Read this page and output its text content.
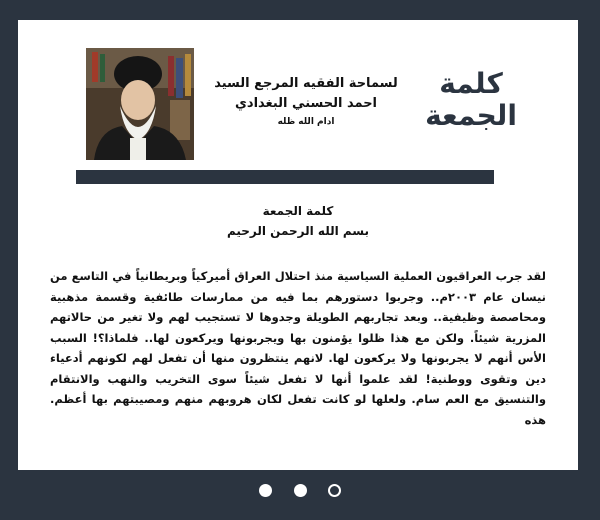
لسماحة الفقيه المرجع السيد
احمد الحسني البغدادي
ادام الله ظله
كلمة الجمعة
كلمة الجمعة
بسم الله الرحمن الرحيم
لقد جرب العراقيون العملية السياسية منذ احتلال العراق أميركياً وبريطانياً في التاسع من نيسان عام ٢٠٠٣م.. وجربوا دستورهم بما فيه من ممارسات طائفية وقسمة مذهبية ومحاصصة وظيفية.. وبعد تجاربهم الطويلة وجدوها لا تستجيب لهم ولا تغير من حالاتهم المزرية شيئاً. ولكن مع هذا ظلوا يؤمنون بها ويجربونها ويركعون لها.. فلماذا؟! السبب الأس أنهم لا يجربونها ولا يركعون لها. لانهم ينتظرون منها أن تفعل لهم لكونهم أدعياء دين وتقوى ووطنية! لقد علموا أنها لا تفعل شيئاً سوى التخريب والنهب والانتقام والتنسيق مع العم سام. ولعلها لو كانت تفعل لكان هروبهم منهم ومصيبتهم بها أعظم. هذه
